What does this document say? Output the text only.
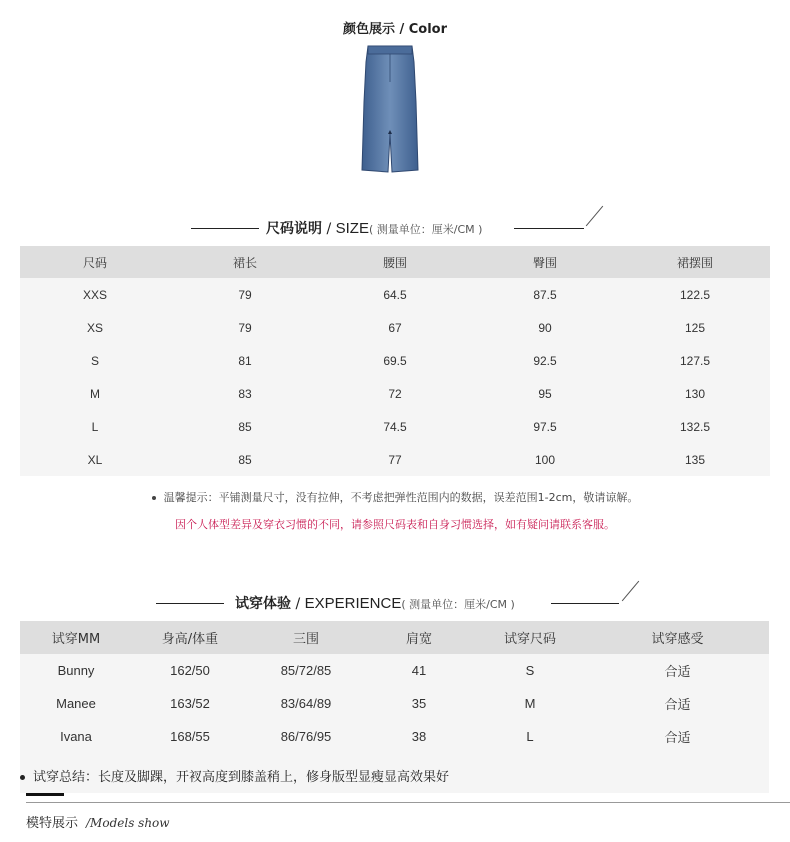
颜色展示 / Color
尺码说明 / SIZE( 测量单位：厘米/CM )
尺码	裙长	腰围	臀围	裙摆围
XXS	79	64.5	87.5	122.5
XS	79	67	90	125
S	81	69.5	92.5	127.5
M	83	72	95	130
L	85	74.5	97.5	132.5
XL	85	77	100	135
温馨提示：平铺测量尺寸，没有拉伸，不考虑把弹性范围内的数据，误差范围1-2cm，敬请谅解。
因个人体型差异及穿衣习惯的不同，请参照尺码表和自身习惯选择，如有疑问请联系客服。
试穿体验 / EXPERIENCE( 测量单位：厘米/CM )
试穿MM	身高/体重	三围	肩宽	试穿尺码	试穿感受
Bunny	162/50	85/72/85	41	S	合适
Manee	163/52	83/64/89	35	M	合适
Ivana	168/55	86/76/95	38	L	合适
试穿总结：长度及脚踝，开衩高度到膝盖稍上，修身版型显瘦显高效果好
模特展示 /Models show
